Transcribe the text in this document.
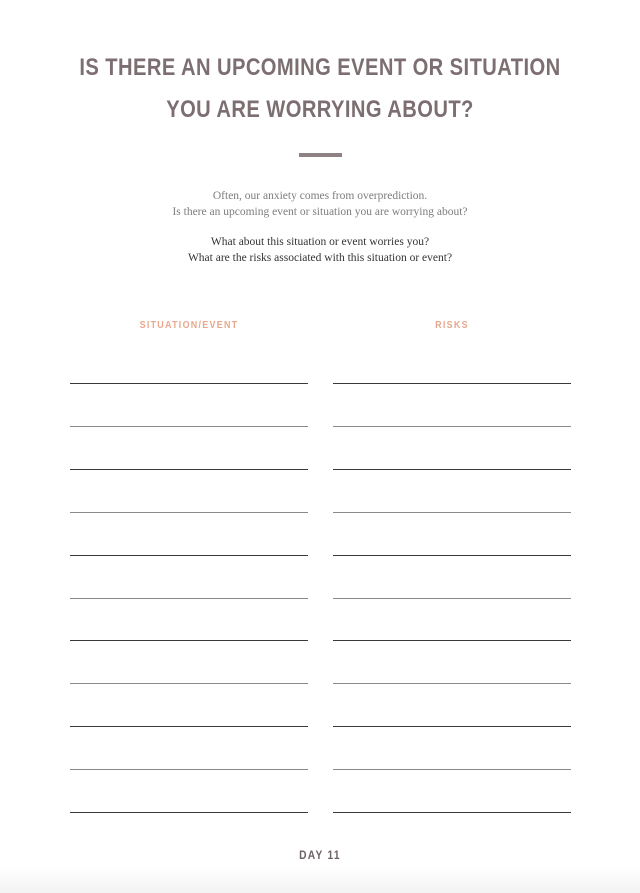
IS THERE AN UPCOMING EVENT OR SITUATION
YOU ARE WORRYING ABOUT?
Often, our anxiety comes from overprediction.
Is there an upcoming event or situation you are worrying about?
What about this situation or event worries you?
What are the risks associated with this situation or event?
SITUATION/EVENT	RISKS
DAY 11
